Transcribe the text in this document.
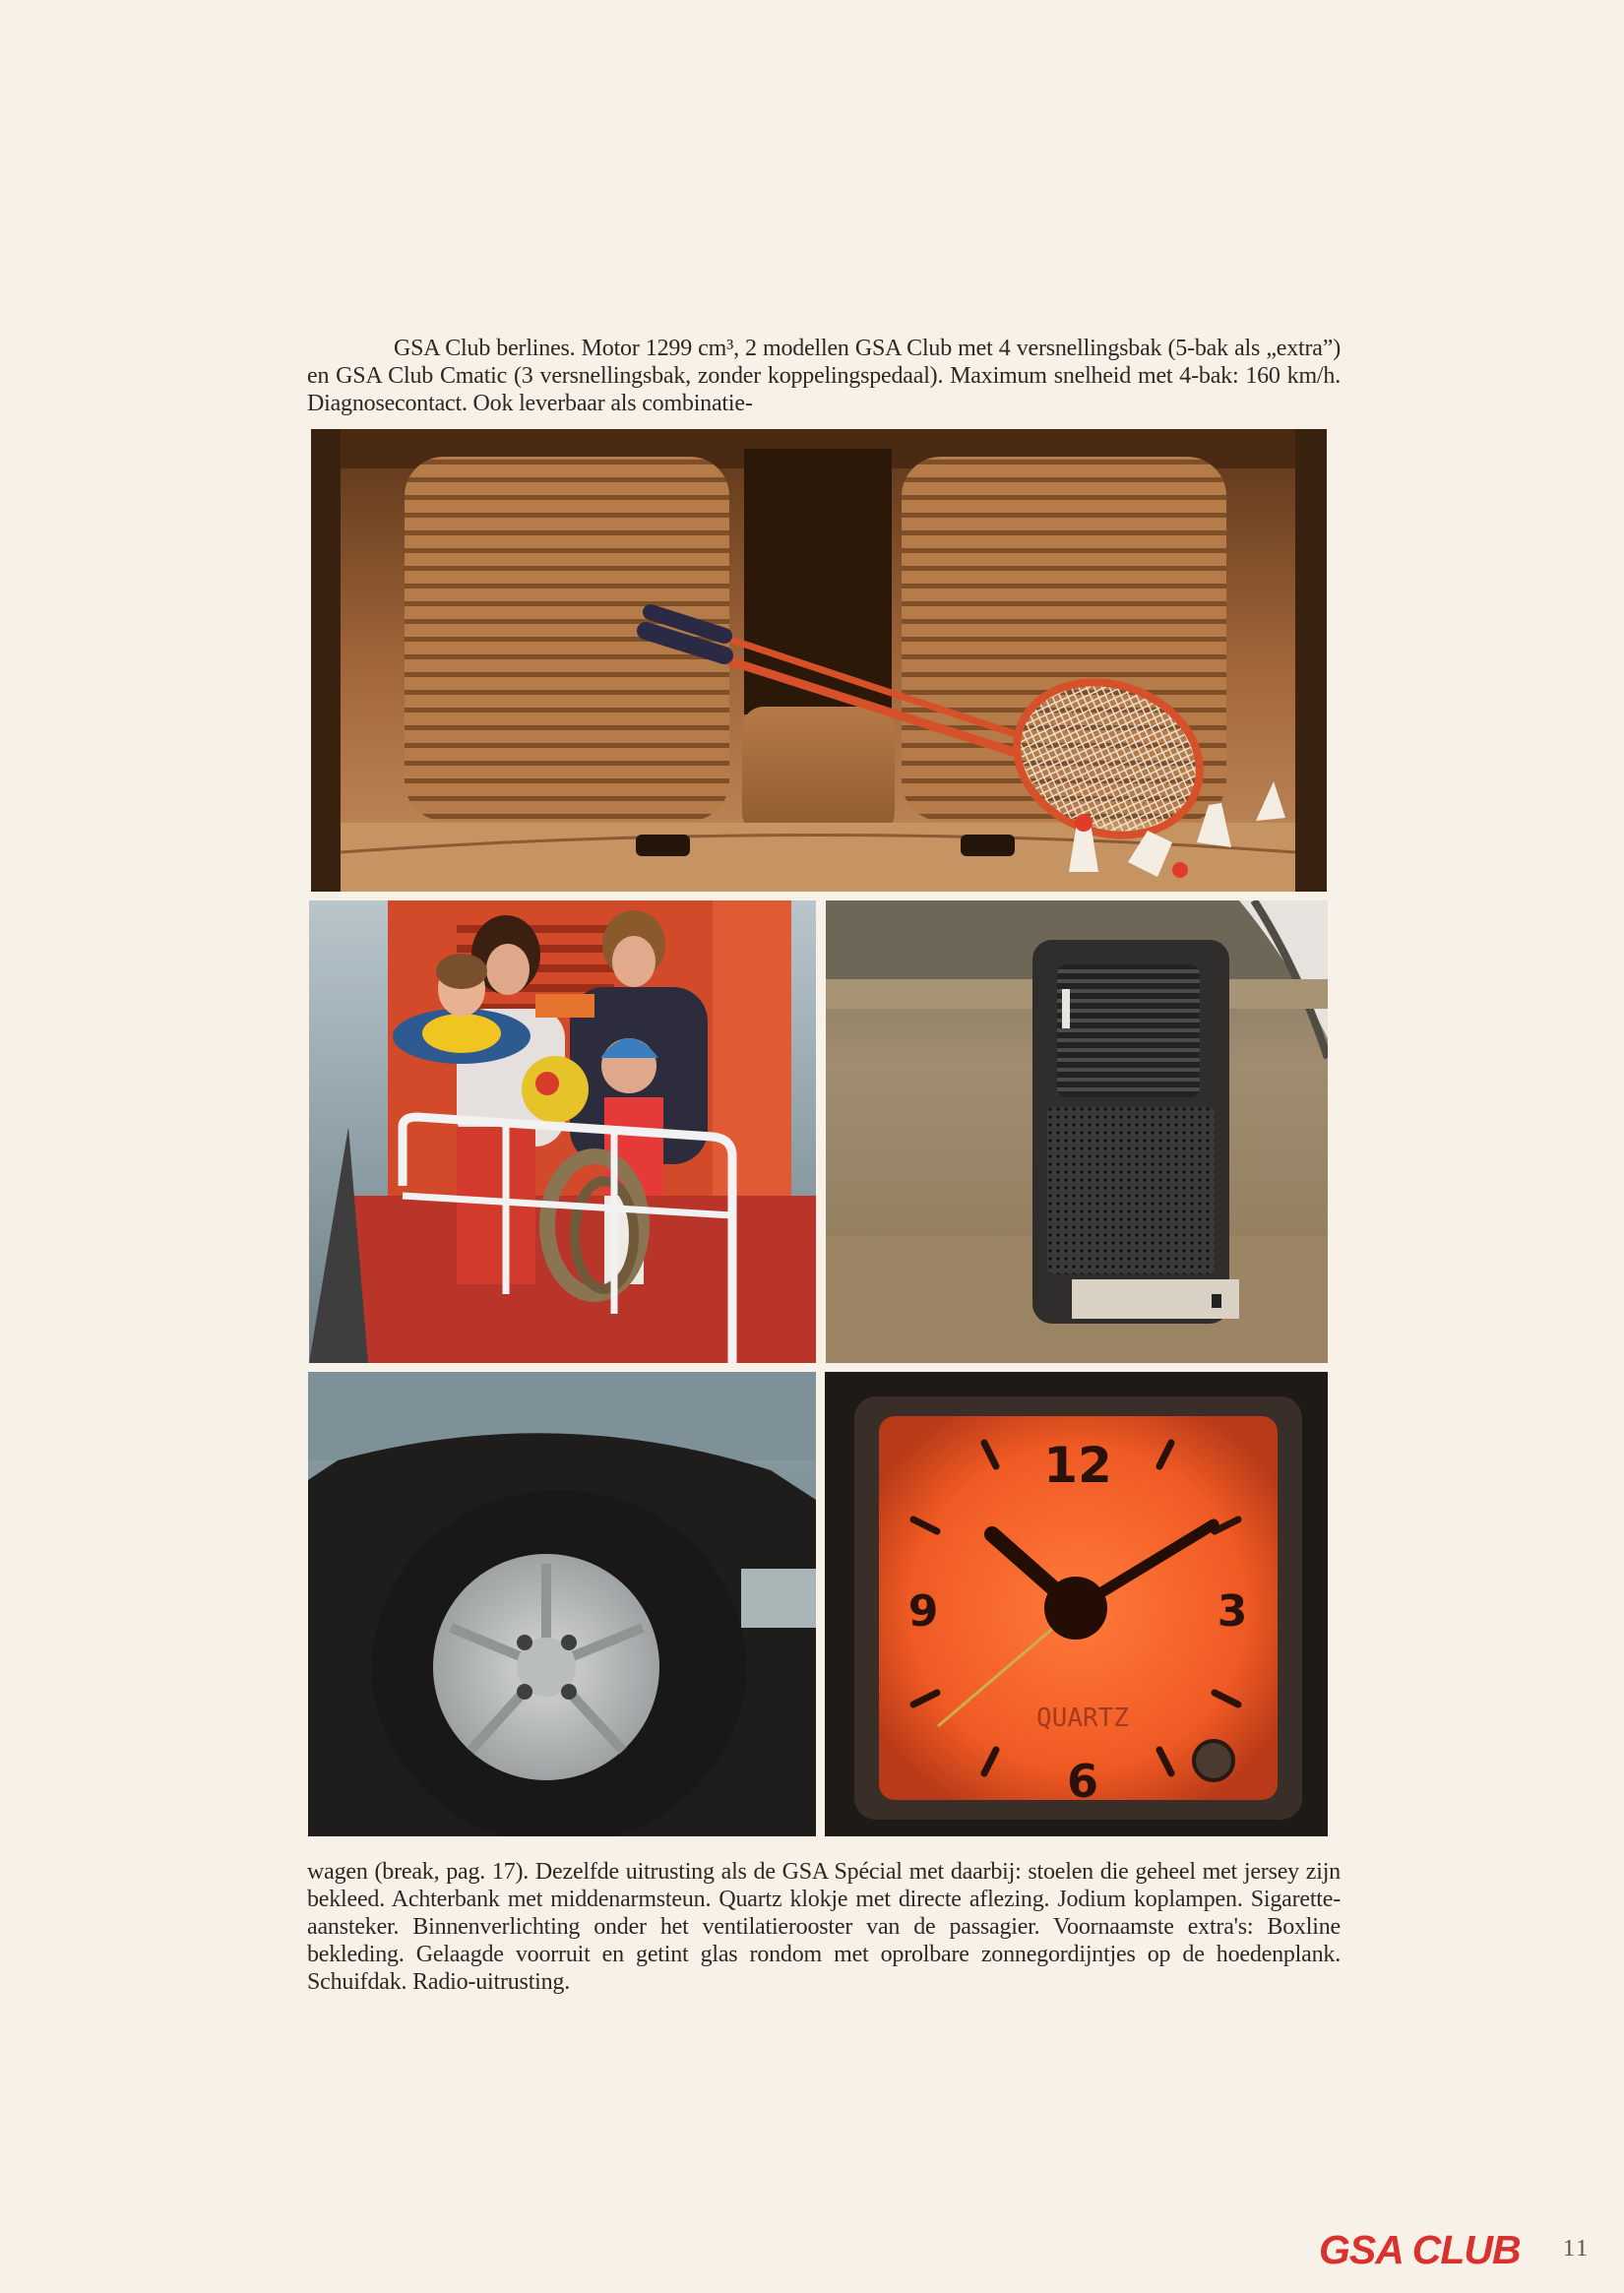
GSA Club berlines. Motor 1299 cm³, 2 modellen GSA Club met 4 versnellingsbak (5-bak als „extra”) en GSA Club Cmatic (3 versnellingsbak, zonder koppelingspedaal). Maximum snelheid met 4-bak: 160 km/h. Diagnosecontact. Ook leverbaar als combinatie-

12
3
6
9
QUARTZ

wagen (break, pag. 17). Dezelfde uitrusting als de GSA Spécial met daarbij: stoelen die geheel met jersey zijn bekleed. Achterbank met middenarmsteun. Quartz klokje met directe aflezing. Jodium koplampen. Sigarette-aansteker. Binnenverlichting onder het ventilatierooster van de passagier. Voornaamste extra's: Boxline bekleding. Gelaagde voorruit en getint glas rondom met oprolbare zonnegordijntjes op de hoedenplank. Schuifdak. Radio-uitrusting.

GSA CLUB 11
